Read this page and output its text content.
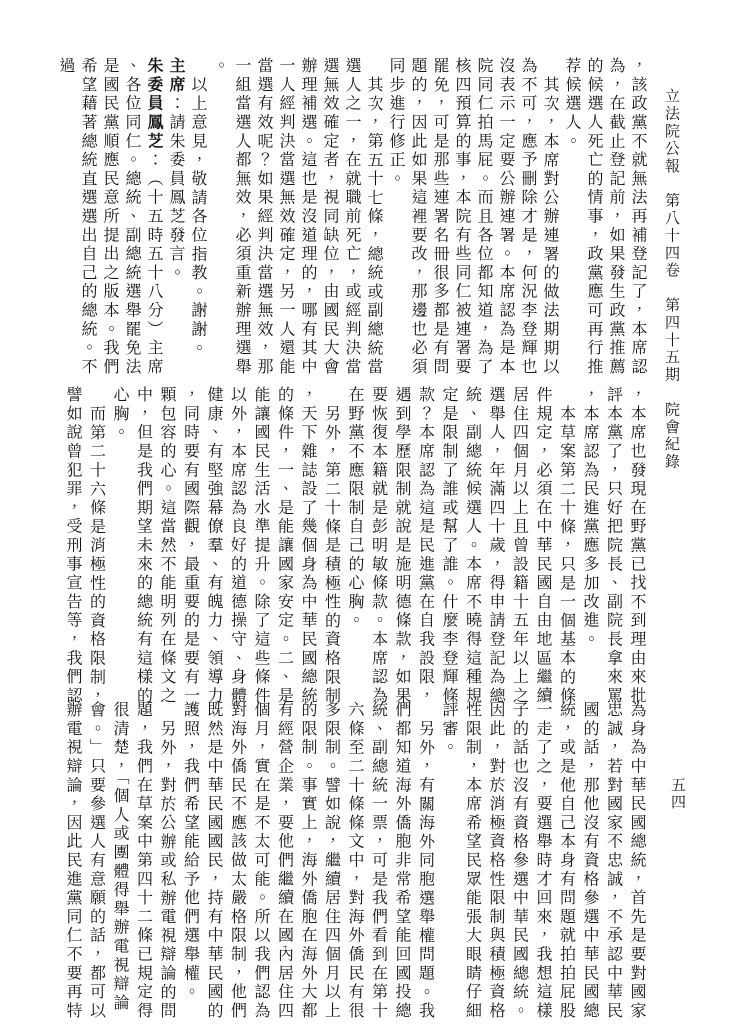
立法院公報　第八十四卷　第四十五期　院會紀錄
五四

，該政黨不就無法再補登記了，本席認為，在截止登記前，如果發生政黨推薦的候選人死亡的情事，政黨應可再行推荐候選人。

其次，本席對公辦連署的做法期期以為不可，應予刪除才是，何況李登輝也沒表示一定要公辦連署。本席認為是本院同仁拍馬屁。而且各位都知道，為了核四預算的事，本院有些同仁被連署要罷免，可是那些連署名冊很多都是有問題的，因此如果這裡要改，那邊也必須同步進行修正。

其次，第五十七條，總統或副總統當選人之一，在就職前死亡，或經判決當選無效確定者，視同缺位，由國民大會辦理補選。這也是沒道理的，哪有其中一人經判決當選無效確定，另一人還能當選有效呢？如果經判決當選無效，那一組當選人都無效，必須重新辦理選舉。

以上意見，敬請各位指教。謝謝。

主席：請朱委員鳳芝發言。

朱委員鳳芝：（十五時五十八分）主席、各位同仁。總統、副總統選舉罷免法是國民黨順應民意所提出之版本。我們希望藉著總統直選選出自己的總統。不過

，本席也發現在野黨已找不到理由來批評本黨了，只好把院長、副院長拿來罵，本席認為民進黨應多加改進。

本草案第二十條，只是一個基本的條件規定，必須在中華民國自由地區繼續居住四個月以上且曾設籍十五年以上之選舉人，年滿四十歲，得申請登記為總統、副總統候選人。本席不曉得這種規定是限制了誰或幫了誰。什麼李登輝條款？本席認為這是民進黨在自我設限，遇到學歷限制就說是施明德條款，如果要恢復本籍就是彭明敏條款。本席認為在野黨不應限制自己的心胸。

另外，第二十條是積極性的資格限制，天下雜誌設了幾個身為中華民國總統的條件，一、是能讓國家安定。二、是能讓國民生活水準提升。除了這些條件以外，本席認為良好的道德操守、身體健康、有堅強幕僚羣、有魄力、領導力，同時要有國際觀，最重要的是要有一顆包容的心。這當然不能明列在條文之中，但是我們期望未來的總統有這樣的心胸。

而第二十六條是消極性的資格限制，譬如說曾犯罪，受刑事宣告等，我們認

為身為中華民國總統，首先是要對國家忠誠，若對國家不忠誠，不承認中華民國的話，那他沒有資格參選中華民國總統，或是他自己本身有問題就拍拍屁股一走了之，要選舉時才回來，我想這樣子的話也沒有資格參選中華民國總統。因此，對於消極資格性限制與積極資格性限制，本席希望民眾能張大眼睛仔細評審。

另外，有關海外同胞選舉權問題。我們都知道海外僑胞非常希望能回國投總統、副總統一票，可是我們看到在第十六條至二十條條文中，對海外僑民有很多限制。譬如說，繼續居住四個月以上的限制。事實上，海外僑胞在海外大都有經營企業，要他們繼續在國內居住四個月，實在是不太可能。所以我們認為對海外僑民不應該做太嚴格限制，他們既然是中華民國國民，持有中華民國的護照，我們希望能給予他們選舉權。

另外，對於公辦或私辦電視辯論的問題，我們在草案中第四十二條已規定得很清楚，「個人或團體得舉辦電視辯論會。」只要參選人有意願的話，都可以辦電視辯論，因此民進黨同仁不要再特
